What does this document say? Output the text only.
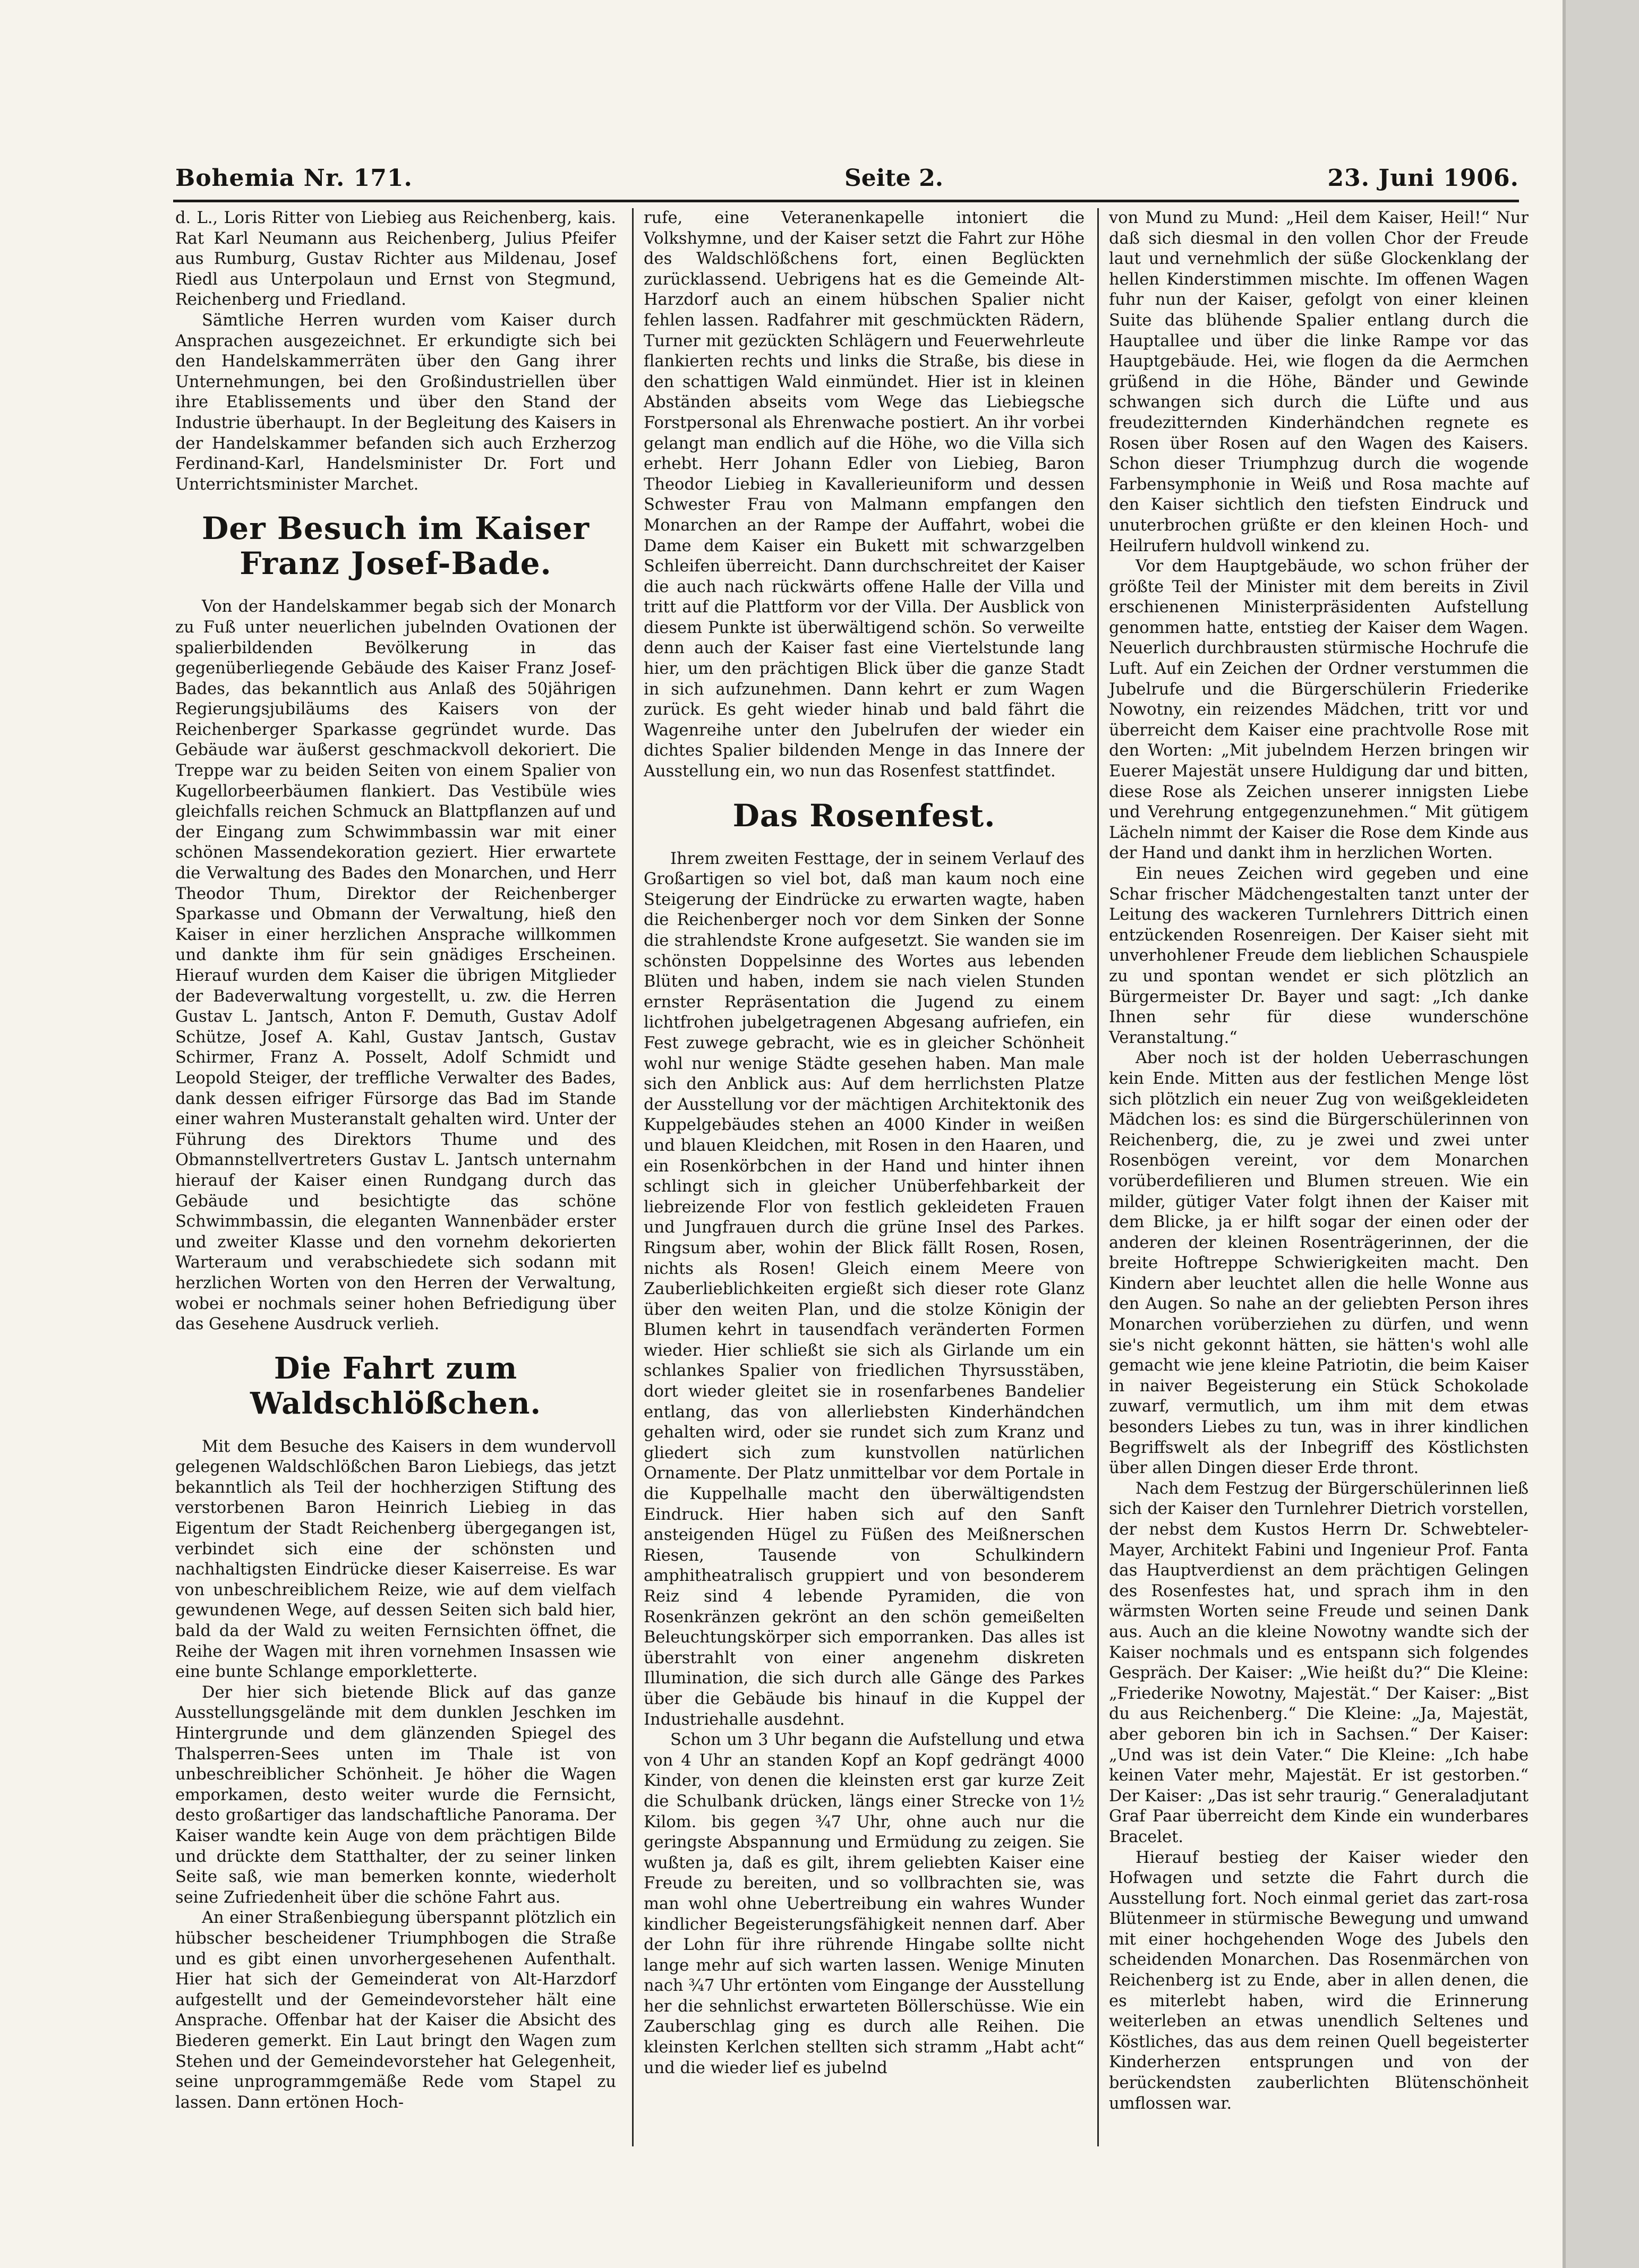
Bohemia Nr. 171.	Seite 2.	23. Juni 1906.

d. L., Loris Ritter von Liebieg aus Reichenberg, kais. Rat Karl Neumann aus Reichenberg, Julius Pfeifer aus Rumburg, Gustav Richter aus Mildenau, Josef Riedl aus Unterpolaun und Ernst von Stegmund, Reichenberg und Friedland.

Sämtliche Herren wurden vom Kaiser durch Ansprachen ausgezeichnet. Er erkundigte sich bei den Handelskammerräten über den Gang ihrer Unternehmungen, bei den Großindustriellen über ihre Etablissements und über den Stand der Industrie überhaupt. In der Begleitung des Kaisers in der Handelskammer befanden sich auch Erzherzog Ferdinand-Karl, Handelsminister Dr. Fort und Unterrichtsminister Marchet.

Der Besuch im Kaiser Franz Josef-Bade.

Von der Handelskammer begab sich der Monarch zu Fuß unter neuerlichen jubelnden Ovationen der spalierbildenden Bevölkerung in das gegenüberliegende Gebäude des Kaiser Franz Josef-Bades, das bekanntlich aus Anlaß des 50jährigen Regierungsjubiläums des Kaisers von der Reichenberger Sparkasse gegründet wurde. Das Gebäude war äußerst geschmackvoll dekoriert. Die Treppe war zu beiden Seiten von einem Spalier von Kugellorbeerbäumen flankiert. Das Vestibüle wies gleichfalls reichen Schmuck an Blattpflanzen auf und der Eingang zum Schwimmbassin war mit einer schönen Massendekoration geziert. Hier erwartete die Verwaltung des Bades den Monarchen, und Herr Theodor Thum, Direktor der Reichenberger Sparkasse und Obmann der Verwaltung, hieß den Kaiser in einer herzlichen Ansprache willkommen und dankte ihm für sein gnädiges Erscheinen. Hierauf wurden dem Kaiser die übrigen Mitglieder der Badeverwaltung vorgestellt, u. zw. die Herren Gustav L. Jantsch, Anton F. Demuth, Gustav Adolf Schütze, Josef A. Kahl, Gustav Jantsch, Gustav Schirmer, Franz A. Posselt, Adolf Schmidt und Leopold Steiger, der treffliche Verwalter des Bades, dank dessen eifriger Fürsorge das Bad im Stande einer wahren Musteranstalt gehalten wird. Unter der Führung des Direktors Thume und des Obmannstellvertreters Gustav L. Jantsch unternahm hierauf der Kaiser einen Rundgang durch das Gebäude und besichtigte das schöne Schwimmbassin, die eleganten Wannenbäder erster und zweiter Klasse und den vornehm dekorierten Warteraum und verabschiedete sich sodann mit herzlichen Worten von den Herren der Verwaltung, wobei er nochmals seiner hohen Befriedigung über das Gesehene Ausdruck verlieh.

Die Fahrt zum Waldschlößchen.

Mit dem Besuche des Kaisers in dem wundervoll gelegenen Waldschlößchen Baron Liebiegs, das jetzt bekanntlich als Teil der hochherzigen Stiftung des verstorbenen Baron Heinrich Liebieg in das Eigentum der Stadt Reichenberg übergegangen ist, verbindet sich eine der schönsten und nachhaltigsten Eindrücke dieser Kaiserreise. Es war von unbeschreiblichem Reize, wie auf dem vielfach gewundenen Wege, auf dessen Seiten sich bald hier, bald da der Wald zu weiten Fernsichten öffnet, die Reihe der Wagen mit ihren vornehmen Insassen wie eine bunte Schlange emporkletterte.

Der hier sich bietende Blick auf das ganze Ausstellungsgelände mit dem dunklen Jeschken im Hintergrunde und dem glänzenden Spiegel des Thalsperren-Sees unten im Thale ist von unbeschreiblicher Schönheit. Je höher die Wagen emporkamen, desto weiter wurde die Fernsicht, desto großartiger das landschaftliche Panorama. Der Kaiser wandte kein Auge von dem prächtigen Bilde und drückte dem Statthalter, der zu seiner linken Seite saß, wie man bemerken konnte, wiederholt seine Zufriedenheit über die schöne Fahrt aus.

An einer Straßenbiegung überspannt plötzlich ein hübscher bescheidener Triumphbogen die Straße und es gibt einen unvorhergesehenen Aufenthalt. Hier hat sich der Gemeinderat von Alt-Harzdorf aufgestellt und der Gemeindevorsteher hält eine Ansprache. Offenbar hat der Kaiser die Absicht des Biederen gemerkt. Ein Laut bringt den Wagen zum Stehen und der Gemeindevorsteher hat Gelegenheit, seine unprogrammgemäße Rede vom Stapel zu lassen. Dann ertönen Hoch-

rufe, eine Veteranenkapelle intoniert die Volkshymne, und der Kaiser setzt die Fahrt zur Höhe des Waldschlößchens fort, einen Beglückten zurücklassend. Uebrigens hat es die Gemeinde Alt-Harzdorf auch an einem hübschen Spalier nicht fehlen lassen. Radfahrer mit geschmückten Rädern, Turner mit gezückten Schlägern und Feuerwehrleute flankierten rechts und links die Straße, bis diese in den schattigen Wald einmündet. Hier ist in kleinen Abständen abseits vom Wege das Liebiegsche Forstpersonal als Ehrenwache postiert. An ihr vorbei gelangt man endlich auf die Höhe, wo die Villa sich erhebt. Herr Johann Edler von Liebieg, Baron Theodor Liebieg in Kavallerieuniform und dessen Schwester Frau von Malmann empfangen den Monarchen an der Rampe der Auffahrt, wobei die Dame dem Kaiser ein Bukett mit schwarzgelben Schleifen überreicht. Dann durchschreitet der Kaiser die auch nach rückwärts offene Halle der Villa und tritt auf die Plattform vor der Villa. Der Ausblick von diesem Punkte ist überwältigend schön. So verweilte denn auch der Kaiser fast eine Viertelstunde lang hier, um den prächtigen Blick über die ganze Stadt in sich aufzunehmen. Dann kehrt er zum Wagen zurück. Es geht wieder hinab und bald fährt die Wagenreihe unter den Jubelrufen der wieder ein dichtes Spalier bildenden Menge in das Innere der Ausstellung ein, wo nun das Rosenfest stattfindet.

Das Rosenfest.

Ihrem zweiten Festtage, der in seinem Verlauf des Großartigen so viel bot, daß man kaum noch eine Steigerung der Eindrücke zu erwarten wagte, haben die Reichenberger noch vor dem Sinken der Sonne die strahlendste Krone aufgesetzt. Sie wanden sie im schönsten Doppelsinne des Wortes aus lebenden Blüten und haben, indem sie nach vielen Stunden ernster Repräsentation die Jugend zu einem lichtfrohen jubelgetragenen Abgesang aufriefen, ein Fest zuwege gebracht, wie es in gleicher Schönheit wohl nur wenige Städte gesehen haben. Man male sich den Anblick aus: Auf dem herrlichsten Platze der Ausstellung vor der mächtigen Architektonik des Kuppelgebäudes stehen an 4000 Kinder in weißen und blauen Kleidchen, mit Rosen in den Haaren, und ein Rosenkörbchen in der Hand und hinter ihnen schlingt sich in gleicher Unüberfehbarkeit der liebreizende Flor von festlich gekleideten Frauen und Jungfrauen durch die grüne Insel des Parkes. Ringsum aber, wohin der Blick fällt Rosen, Rosen, nichts als Rosen! Gleich einem Meere von Zauberlieblichkeiten ergießt sich dieser rote Glanz über den weiten Plan, und die stolze Königin der Blumen kehrt in tausendfach veränderten Formen wieder. Hier schließt sie sich als Girlande um ein schlankes Spalier von friedlichen Thyrsusstäben, dort wieder gleitet sie in rosenfarbenes Bandelier entlang, das von allerliebsten Kinderhändchen gehalten wird, oder sie rundet sich zum Kranz und gliedert sich zum kunstvollen natürlichen Ornamente. Der Platz unmittelbar vor dem Portale in die Kuppelhalle macht den überwältigendsten Eindruck. Hier haben sich auf den Sanft ansteigenden Hügel zu Füßen des Meißnerschen Riesen, Tausende von Schulkindern amphitheatralisch gruppiert und von besonderem Reiz sind 4 lebende Pyramiden, die von Rosenkränzen gekrönt an den schön gemeißelten Beleuchtungskörper sich emporranken. Das alles ist überstrahlt von einer angenehm diskreten Illumination, die sich durch alle Gänge des Parkes über die Gebäude bis hinauf in die Kuppel der Industriehalle ausdehnt.

Schon um 3 Uhr begann die Aufstellung und etwa von 4 Uhr an standen Kopf an Kopf gedrängt 4000 Kinder, von denen die kleinsten erst gar kurze Zeit die Schulbank drücken, längs einer Strecke von 1½ Kilom. bis gegen ¾7 Uhr, ohne auch nur die geringste Abspannung und Ermüdung zu zeigen. Sie wußten ja, daß es gilt, ihrem geliebten Kaiser eine Freude zu bereiten, und so vollbrachten sie, was man wohl ohne Uebertreibung ein wahres Wunder kindlicher Begeisterungsfähigkeit nennen darf. Aber der Lohn für ihre rührende Hingabe sollte nicht lange mehr auf sich warten lassen. Wenige Minuten nach ¾7 Uhr ertönten vom Eingange der Ausstellung her die sehnlichst erwarteten Böllerschüsse. Wie ein Zauberschlag ging es durch alle Reihen. Die kleinsten Kerlchen stellten sich stramm „Habt acht“ und die wieder lief es jubelnd

von Mund zu Mund: „Heil dem Kaiser, Heil!“ Nur daß sich diesmal in den vollen Chor der Freude laut und vernehmlich der süße Glockenklang der hellen Kinderstimmen mischte. Im offenen Wagen fuhr nun der Kaiser, gefolgt von einer kleinen Suite das blühende Spalier entlang durch die Hauptallee und über die linke Rampe vor das Hauptgebäude. Hei, wie flogen da die Aermchen grüßend in die Höhe, Bänder und Gewinde schwangen sich durch die Lüfte und aus freudezitternden Kinderhändchen regnete es Rosen über Rosen auf den Wagen des Kaisers. Schon dieser Triumphzug durch die wogende Farbensymphonie in Weiß und Rosa machte auf den Kaiser sichtlich den tiefsten Eindruck und unuterbrochen grüßte er den kleinen Hoch- und Heilrufern huldvoll winkend zu.

Vor dem Hauptgebäude, wo schon früher der größte Teil der Minister mit dem bereits in Zivil erschienenen Ministerpräsidenten Aufstellung genommen hatte, entstieg der Kaiser dem Wagen. Neuerlich durchbrausten stürmische Hochrufe die Luft. Auf ein Zeichen der Ordner verstummen die Jubelrufe und die Bürgerschülerin Friederike Nowotny, ein reizendes Mädchen, tritt vor und überreicht dem Kaiser eine prachtvolle Rose mit den Worten: „Mit jubelndem Herzen bringen wir Euerer Majestät unsere Huldigung dar und bitten, diese Rose als Zeichen unserer innigsten Liebe und Verehrung entgegenzunehmen.“ Mit gütigem Lächeln nimmt der Kaiser die Rose dem Kinde aus der Hand und dankt ihm in herzlichen Worten.

Ein neues Zeichen wird gegeben und eine Schar frischer Mädchengestalten tanzt unter der Leitung des wackeren Turnlehrers Dittrich einen entzückenden Rosenreigen. Der Kaiser sieht mit unverhohlener Freude dem lieblichen Schauspiele zu und spontan wendet er sich plötzlich an Bürgermeister Dr. Bayer und sagt: „Ich danke Ihnen sehr für diese wunderschöne Veranstaltung.“

Aber noch ist der holden Ueberraschungen kein Ende. Mitten aus der festlichen Menge löst sich plötzlich ein neuer Zug von weißgekleideten Mädchen los: es sind die Bürgerschülerinnen von Reichenberg, die, zu je zwei und zwei unter Rosenbögen vereint, vor dem Monarchen vorüberdefilieren und Blumen streuen. Wie ein milder, gütiger Vater folgt ihnen der Kaiser mit dem Blicke, ja er hilft sogar der einen oder der anderen der kleinen Rosenträgerinnen, der die breite Hoftreppe Schwierigkeiten macht. Den Kindern aber leuchtet allen die helle Wonne aus den Augen. So nahe an der geliebten Person ihres Monarchen vorüberziehen zu dürfen, und wenn sie's nicht gekonnt hätten, sie hätten's wohl alle gemacht wie jene kleine Patriotin, die beim Kaiser in naiver Begeisterung ein Stück Schokolade zuwarf, vermutlich, um ihm mit dem etwas besonders Liebes zu tun, was in ihrer kindlichen Begriffswelt als der Inbegriff des Köstlichsten über allen Dingen dieser Erde thront.

Nach dem Festzug der Bürgerschülerinnen ließ sich der Kaiser den Turnlehrer Dietrich vorstellen, der nebst dem Kustos Herrn Dr. Schwebteler-Mayer, Architekt Fabini und Ingenieur Prof. Fanta das Hauptverdienst an dem prächtigen Gelingen des Rosenfestes hat, und sprach ihm in den wärmsten Worten seine Freude und seinen Dank aus. Auch an die kleine Nowotny wandte sich der Kaiser nochmals und es entspann sich folgendes Gespräch. Der Kaiser: „Wie heißt du?“ Die Kleine: „Friederike Nowotny, Majestät.“ Der Kaiser: „Bist du aus Reichenberg.“ Die Kleine: „Ja, Majestät, aber geboren bin ich in Sachsen.“ Der Kaiser: „Und was ist dein Vater.“ Die Kleine: „Ich habe keinen Vater mehr, Majestät. Er ist gestorben.“ Der Kaiser: „Das ist sehr traurig.“ Generaladjutant Graf Paar überreicht dem Kinde ein wunderbares Bracelet.

Hierauf bestieg der Kaiser wieder den Hofwagen und setzte die Fahrt durch die Ausstellung fort. Noch einmal geriet das zart-rosa Blütenmeer in stürmische Bewegung und umwand mit einer hochgehenden Woge des Jubels den scheidenden Monarchen. Das Rosenmärchen von Reichenberg ist zu Ende, aber in allen denen, die es miterlebt haben, wird die Erinnerung weiterleben an etwas unendlich Seltenes und Köstliches, das aus dem reinen Quell begeisterter Kinderherzen entsprungen und von der berückendsten zauberlichten Blütenschönheit umflossen war.
